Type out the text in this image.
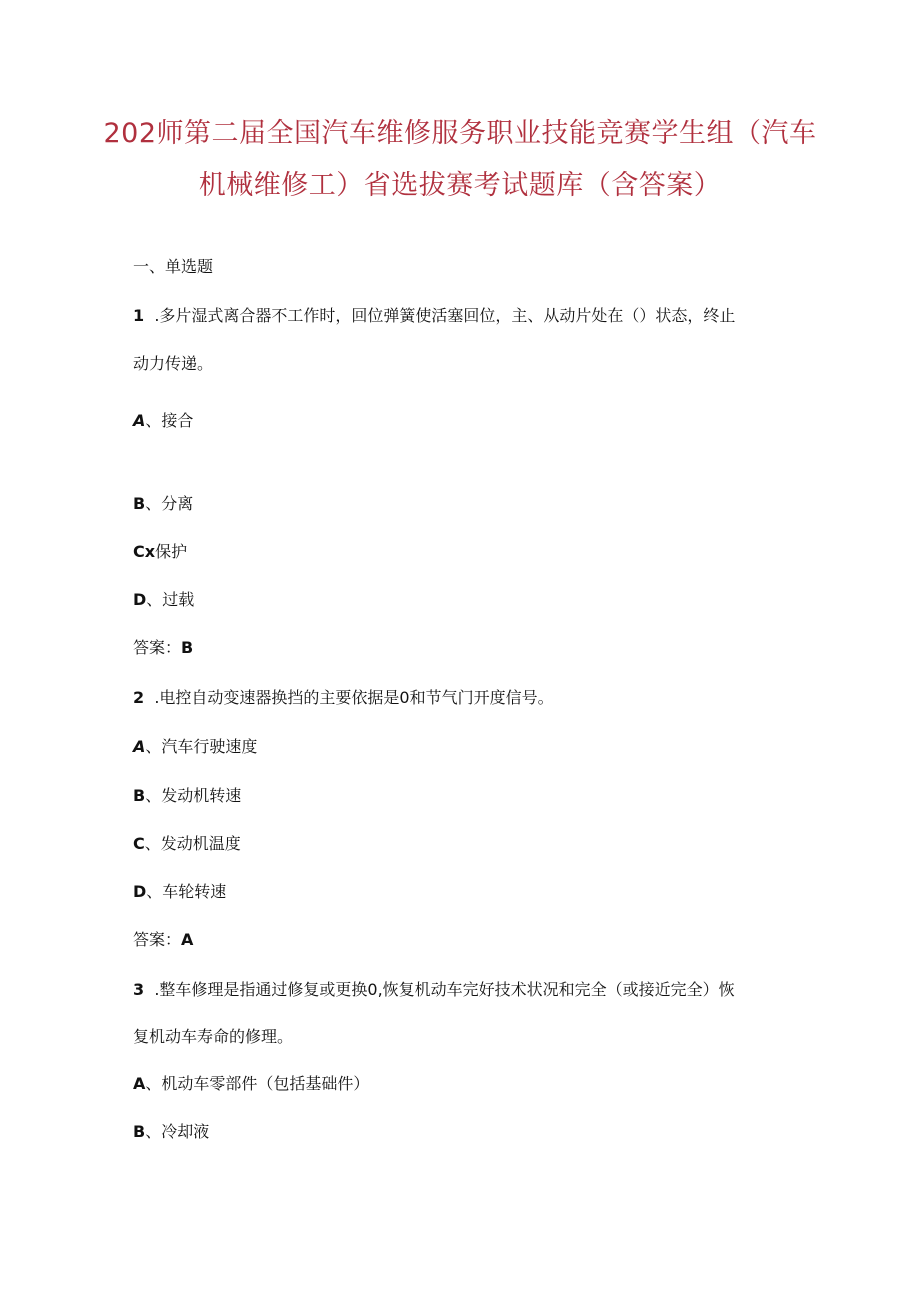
202师第二届全国汽车维修服务职业技能竞赛学生组（汽车
机械维修工）省选拔赛考试题库（含答案）
一、单选题
1 .多片湿式离合器不工作时，回位弹簧使活塞回位，主、从动片处在（）状态，终止
动力传递。
A、接合
B、分离
Cx保护
D、过载
答案：B
2 .电控自动变速器换挡的主要依据是0和节气门开度信号。
A、汽车行驶速度
B、发动机转速
C、发动机温度
D、车轮转速
答案：A
3 .整车修理是指通过修复或更换0,恢复机动车完好技术状况和完全（或接近完全）恢
复机动车寿命的修理。
A、机动车零部件（包括基础件）
B、冷却液
